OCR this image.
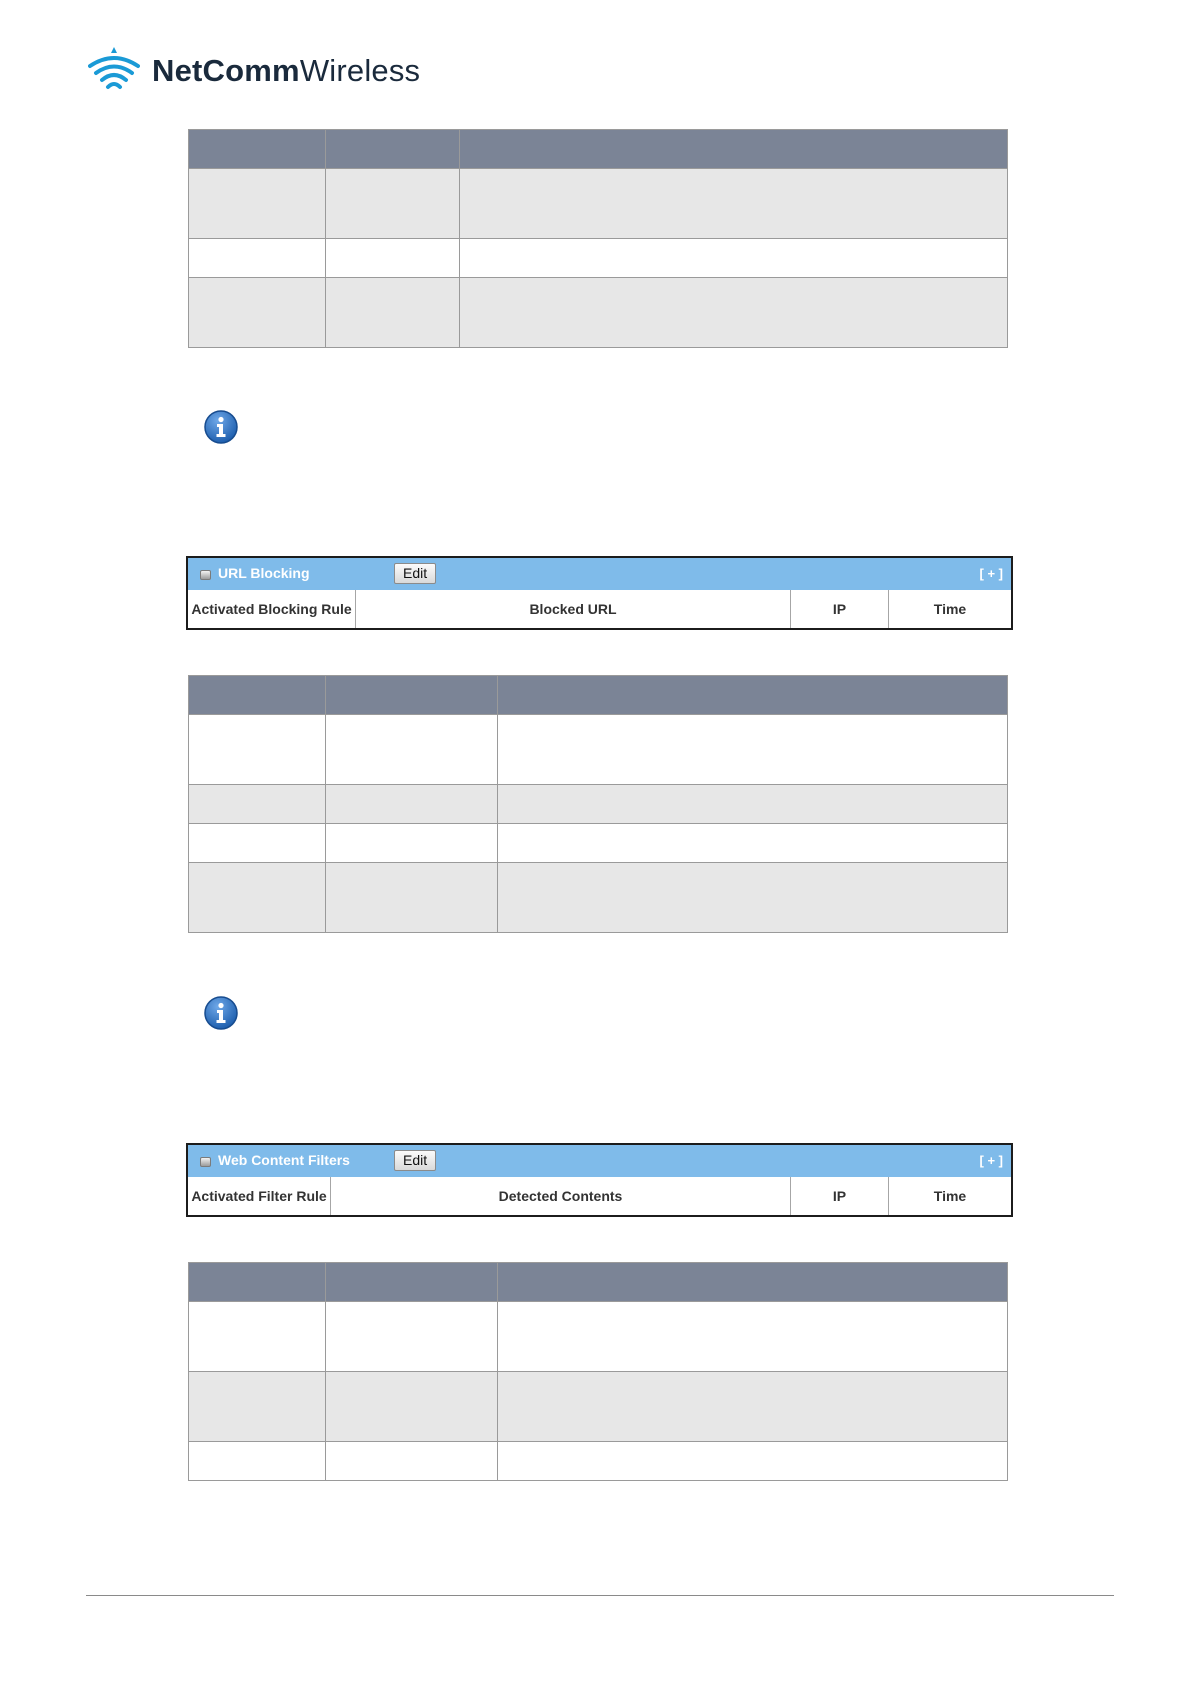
NetCommWireless

URL Blocking	Edit	[ + ]
Activated Blocking Rule	Blocked URL	IP	Time

Web Content Filters	Edit	[ + ]
Activated Filter Rule	Detected Contents	IP	Time
